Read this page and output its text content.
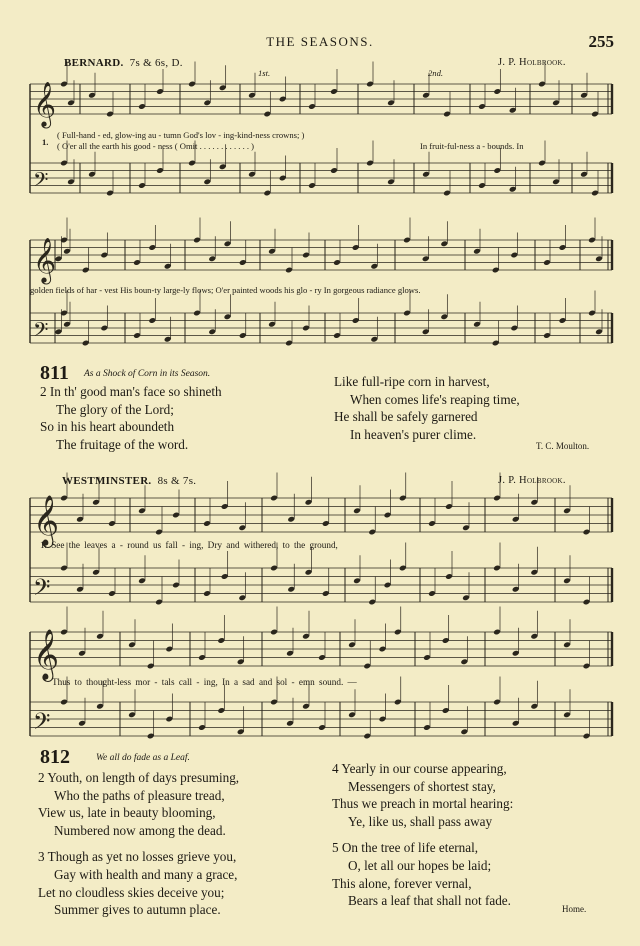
THE SEASONS.	255
𝄞
𝄢
𝄞
𝄢
𝄞
𝄢
𝄞
𝄢
BERNARD. 7s & 6s, D.	J. P. Holbrook.
1st.	2nd.
1.
( Full-hand - ed, glow-ing au - tumn God's lov - ing-kind-ness crowns; )
( O'er all the earth his good - ness ( Omit . . . . . . . . . . . . )	In fruit-ful-ness a - bounds. In
golden fields of har - vest His boun-ty large-ly flows; O'er painted woods his glo - ry In gorgeous radiance glows.
811 As a Shock of Corn in its Season.
2 In th' good man's face so shineth
The glory of the Lord;
So in his heart aboundeth
The fruitage of the word.
Like full-ripe corn in harvest,
When comes life's reaping time,
He shall be safely garnered
In heaven's purer clime.
T. C. Moulton.
WESTMINSTER. 8s & 7s.	J. P. Holbrook.
1. See the leaves a - round us fall - ing, Dry and withered, to the ground,
Thus to thought-less mor - tals call - ing, In a sad and sol - emn sound. —
812	We all do fade as a Leaf.
2 Youth, on length of days presuming,
Who the paths of pleasure tread,
View us, late in beauty blooming,
Numbered now among the dead.
3 Though as yet no losses grieve you,
Gay with health and many a grace,
Let no cloudless skies deceive you;
Summer gives to autumn place.
4 Yearly in our course appearing,
Messengers of shortest stay,
Thus we preach in mortal hearing:
Ye, like us, shall pass away
5 On the tree of life eternal,
O, let all our hopes be laid;
This alone, forever vernal,
Bears a leaf that shall not fade.
Home.
